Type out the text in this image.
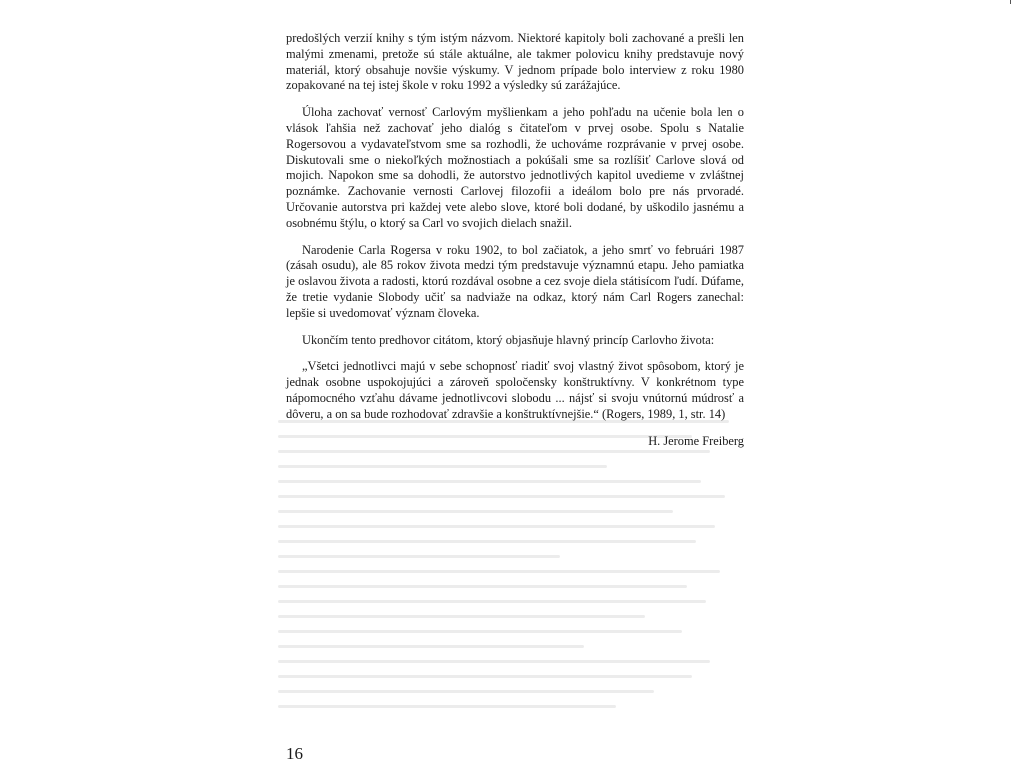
predošlých verzií knihy s tým istým názvom. Niektoré kapitoly boli zachované a prešli len malými zmenami, pretože sú stále aktuálne, ale takmer polovicu knihy predstavuje nový materiál, ktorý obsahuje novšie výskumy. V jednom prípade bolo interview z roku 1980 zopakované na tej istej škole v roku 1992 a výsledky sú zarážajúce.

Úloha zachovať vernosť Carlovým myšlienkam a jeho pohľadu na učenie bola len o vlások ľahšia než zachovať jeho dialóg s čitateľom v prvej osobe. Spolu s Natalie Rogersovou a vydavateľstvom sme sa rozhodli, že uchováme rozprávanie v prvej osobe. Diskutovali sme o niekoľkých možnostiach a pokúšali sme sa rozlíšiť Carlove slová od mojich. Napokon sme sa dohodli, že autorstvo jednotlivých kapitol uvedieme v zvláštnej poznámke. Zachovanie vernosti Carlovej filozofii a ideálom bolo pre nás prvoradé. Určovanie autorstva pri každej vete alebo slove, ktoré boli dodané, by uškodilo jasnému a osobnému štýlu, o ktorý sa Carl vo svojich dielach snažil.

Narodenie Carla Rogersa v roku 1902, to bol začiatok, a jeho smrť vo februári 1987 (zásah osudu), ale 85 rokov života medzi tým predstavuje významnú etapu. Jeho pamiatka je oslavou života a radosti, ktorú rozdával osobne a cez svoje diela státisícom ľudí. Dúfame, že tretie vydanie Slobody učiť sa nadviaže na odkaz, ktorý nám Carl Rogers zanechal: lepšie si uvedomovať význam človeka.

Ukončím tento predhovor citátom, ktorý objasňuje hlavný princíp Carlovho života:

„Všetci jednotlivci majú v sebe schopnosť riadiť svoj vlastný život spôsobom, ktorý je jednak osobne uspokojujúci a zároveň spoločensky konštruktívny. V konkrétnom type nápomocného vzťahu dávame jednotlivcovi slobodu ... nájsť si svoju vnútornú múdrosť a dôveru, a on sa bude rozhodovať zdravšie a konštruktívnejšie.“ (Rogers, 1989, 1, str. 14)

H. Jerome Freiberg

16
